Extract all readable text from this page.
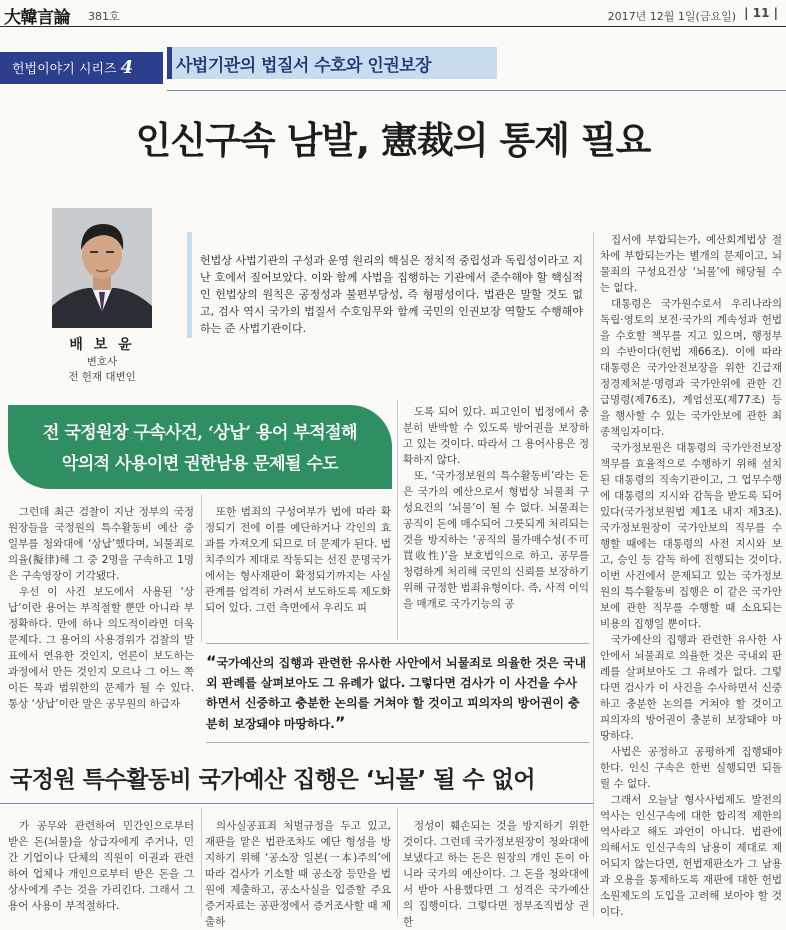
大韓言論 381호	2017년 12월 1일(금요일) | 11 |
헌법이야기 시리즈 4	사법기관의 법질서 수호와 인권보장
인신구속 남발, 憲裁의 통제 필요
배 보 윤
변호사
전 헌재 대변인
헌법상 사법기관의 구성과 운영 원리의 핵심은 정치적 중립성과 독립성이라고 지난 호에서 짚어보았다. 이와 함께 사법을 집행하는 기관에서 준수해야 할 핵심적인 헌법상의 원칙은 공정성과 불편부당성, 즉 형평성이다. 법관은 말할 것도 없고, 검사 역시 국가의 법질서 수호임무와 함께 국민의 인권보장 역할도 수행해야하는 준 사법기관이다.
전 국정원장 구속사건, ‘상납’ 용어 부적절해
악의적 사용이면 권한남용 문제될 수도

그런데 최근 검찰이 지난 정부의 국정원장들을 국정원의 특수활동비 예산 중 일부를 청와대에 ‘상납’했다며, 뇌물죄로 의율(擬律)해 그 중 2명을 구속하고 1명은 구속영장이 기각됐다.

우선 이 사건 보도에서 사용된 ‘상납’이란 용어는 부적절할 뿐만 아니라 부정확하다. 만에 하나 의도적이라면 더욱 문제다. 그 용어의 사용경위가 검찰의 발표에서 연유한 것인지, 언론이 보도하는 과정에서 만든 것인지 모르나 그 어느 쪽이든 묵과 범위한의 문제가 될 수 있다. 통상 ‘상납’이란 말은 공무원의 하급자

또한 범죄의 구성여부가 법에 따라 확정되기 전에 이를 예단하거나 각인의 효과를 가져오게 되므로 더 문제가 된다. 법치주의가 제대로 작동되는 선진 문명국가에서는 형사재판이 확정되기까지는 사실관계를 엄격히 가려서 보도하도록 제도화되어 있다. 그런 측면에서 우리도 피

도록 되어 있다. 피고인이 법정에서 충분히 반박할 수 있도록 방어권을 보장하고 있는 것이다. 따라서 그 용어사용은 정확하지 않다.

또, ‘국가정보원의 특수활동비’라는 돈은 국가의 예산으로서 형법상 뇌물죄 구성요건의 ‘뇌물’이 될 수 없다. 뇌물죄는 공직이 돈에 매수되어 그릇되게 처리되는 것을 방지하는 ‘공직의 불가매수성(不可買收性)’을 보호법익으로 하고, 공무를 청렴하게 처리해 국민의 신뢰를 보장하기 위해 규정한 범죄유형이다. 즉, 사적 이익을 매개로 국가기능의 공

집서에 부합되는가, 예산회계법상 절차에 부합되는가는 별개의 문제이고, 뇌물죄의 구성요건상 ‘뇌물’에 해당될 수는 없다.

대통령은 국가원수로서 우리나라의 독립·영토의 보전·국가의 계속성과 헌법을 수호할 책무를 지고 있으며, 행정부의 수반이다(헌법 제66조). 이에 따라 대통령은 국가안전보장을 위한 긴급재정경제처분·명령과 국가안위에 관한 긴급명령(제76조), 계엄선포(제77조) 등을 행사할 수 있는 국가안보에 관한 최종책임자이다.

국가정보원은 대통령의 국가안전보장 책무를 효율적으로 수행하기 위해 설치된 대통령의 직속기관이고, 그 업무수행에 대통령의 지시와 감독을 받도록 되어 있다(국가정보원법 제1조 내지 제3조). 국가정보원장이 국가안보의 직무를 수행할 때에는 대통령의 사전 지시와 보고, 승인 등 감독 하에 진행되는 것이다. 이번 사건에서 문제되고 있는 국가정보원의 특수활동비 집행은 이 같은 국가안보에 관한 직무를 수행할 때 소요되는 비용의 집행일 뿐이다.

국가예산의 집행과 관련한 유사한 사안에서 뇌물죄로 의율한 것은 국내외 판례를 살펴보아도 그 유례가 없다. 그렇다면 검사가 이 사건을 수사하면서 신중하고 충분한 논의를 거쳐야 할 것이고 피의자의 방어권이 충분히 보장돼야 마땅하다.

사법은 공정하고 공평하게 집행돼야 한다. 인신 구속은 한번 실행되면 되돌릴 수 없다.

그래서 오늘날 형사사법제도 발전의 역사는 인신구속에 대한 합리적 제한의 역사라고 해도 과언이 아니다. 법관에 의해서도 인신구속의 남용이 제대로 제어되지 않는다면, 헌법재판소가 그 남용과 오용을 통제하도록 재판에 대한 헌법소원제도의 도입을 고려해 보아야 할 것이다.

“국가예산의 집행과 관련한 유사한 사안에서 뇌물죄로 의율한 것은 국내외 판례를 살펴보아도 그 유례가 없다. 그렇다면 검사가 이 사건을 수사하면서 신중하고 충분한 논의를 거쳐야 할 것이고 피의자의 방어권이 충분히 보장돼야 마땅하다.”
국정원 특수활동비 국가예산 집행은 ‘뇌물’ 될 수 없어

가 공무와 관련하여 민간인으로부터 받은 돈(뇌물)을 상급자에게 주거나, 민간 기업이나 단체의 직원이 이권과 관련하여 업체나 개인으로부터 받은 돈을 그 상사에게 주는 것을 가리킨다. 그래서 그 용어 사용이 부적절하다.

의사실공표죄 처벌규정을 두고 있고, 재판을 맡은 법관조차도 예단 형성을 방지하기 위해 ‘공소장 일본(一本)주의’에 따라 검사가 기소할 때 공소장 등만을 법원에 제출하고, 공소사실을 입증할 주요 증거자료는 공판정에서 증거조사할 때 제출하

정성이 훼손되는 것을 방지하기 위한 것이다. 그런데 국가정보원장이 청와대에 보냈다고 하는 돈은 원장의 개인 돈이 아니라 국가의 예산이다. 그 돈을 청와대에서 받아 사용했다면 그 성격은 국가예산의 집행이다. 그렇다면 정부조직법상 권한
